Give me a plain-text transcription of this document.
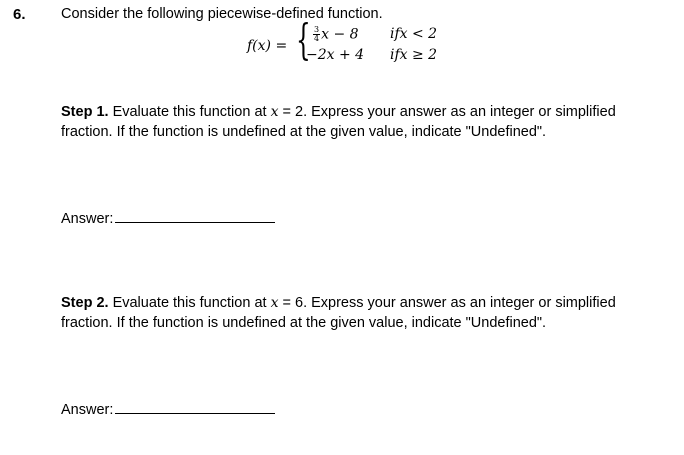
6. Consider the following piecewise-defined function.
f(x) = { $\frac{3}{4}$ x − 8 ifx < 2
−2x + 4 ifx ≥ 2
Step 1. Evaluate this function at x = 2. Express your answer as an integer or simplified fraction. If the function is undefined at the given value, indicate "Undefined".
Answer:
Step 2. Evaluate this function at x = 6. Express your answer as an integer or simplified fraction. If the function is undefined at the given value, indicate "Undefined".
Answer:
